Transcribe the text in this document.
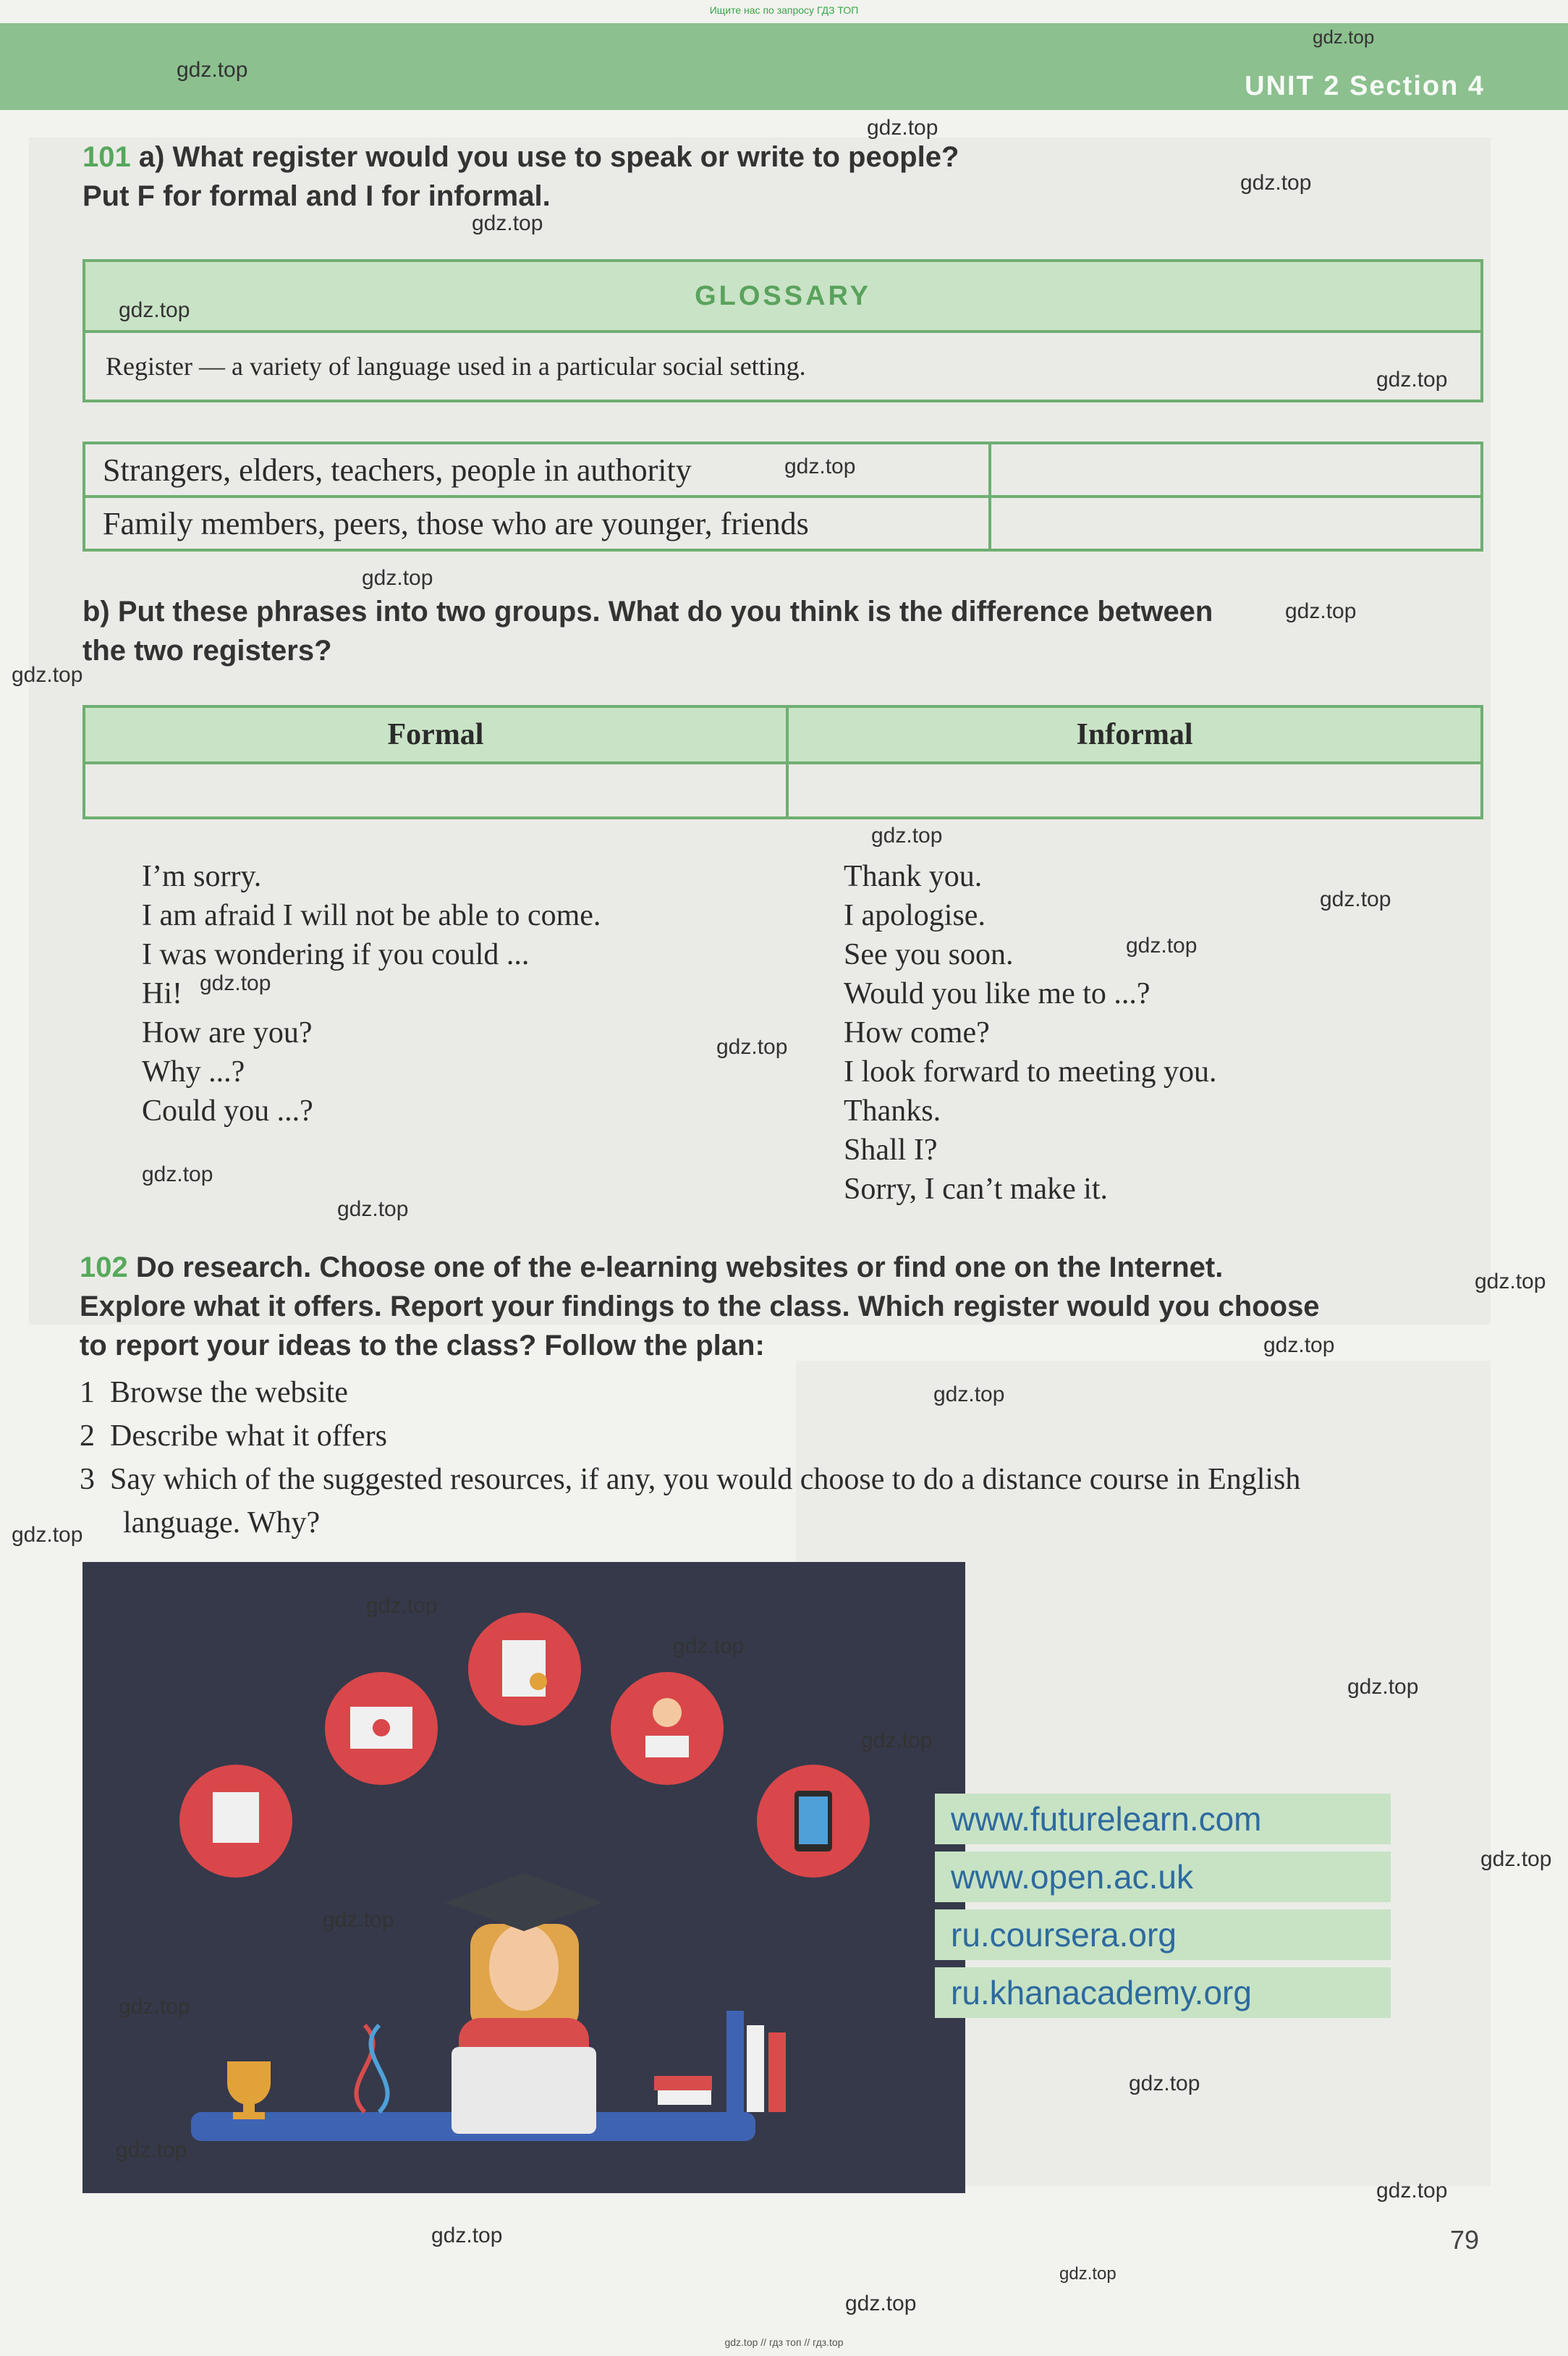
Ищите нас по запросу ГДЗ ТОП
UNIT 2 Section 4
101 a) What register would you use to speak or write to people?
Put F for formal and I for informal.
GLOSSARY
Register — a variety of language used in a particular social setting.
Strangers, elders, teachers, people in authority	
Family members, peers, those who are younger, friends	
b) Put these phrases into two groups. What do you think is the difference between
the two registers?
Formal	Informal

I’m sorry.
I am afraid I will not be able to come.
I was wondering if you could ...
Hi!
How are you?
Why ...?
Could you ...?
Thank you.
I apologise.
See you soon.
Would you like me to ...?
How come?
I look forward to meeting you.
Thanks.
Shall I?
Sorry, I can’t make it.
102 Do research. Choose one of the e-learning websites or find one on the Internet.
Explore what it offers. Report your findings to the class. Which register would you choose
to report your ideas to the class? Follow the plan:
1 Browse the website
2 Describe what it offers
3 Say which of the suggested resources, if any, you would choose to do a distance course in English
language. Why?
www.futurelearn.com
www.open.ac.uk
ru.coursera.org
ru.khanacademy.org
gdz.top
gdz.top
gdz.top
gdz.top
gdz.top
gdz.top
gdz.top
gdz.top
gdz.top
gdz.top
gdz.top
gdz.top
gdz.top
gdz.top
gdz.top
gdz.top
gdz.top
gdz.top
gdz.top
gdz.top
gdz.top
gdz.top
gdz.top
gdz.top
gdz.top
gdz.top
gdz.top
gdz.top
gdz.top
gdz.top
gdz.top
gdz.top
gdz.top
gdz.top
gdz.top
79
gdz.top // гдз топ // гдз.top
